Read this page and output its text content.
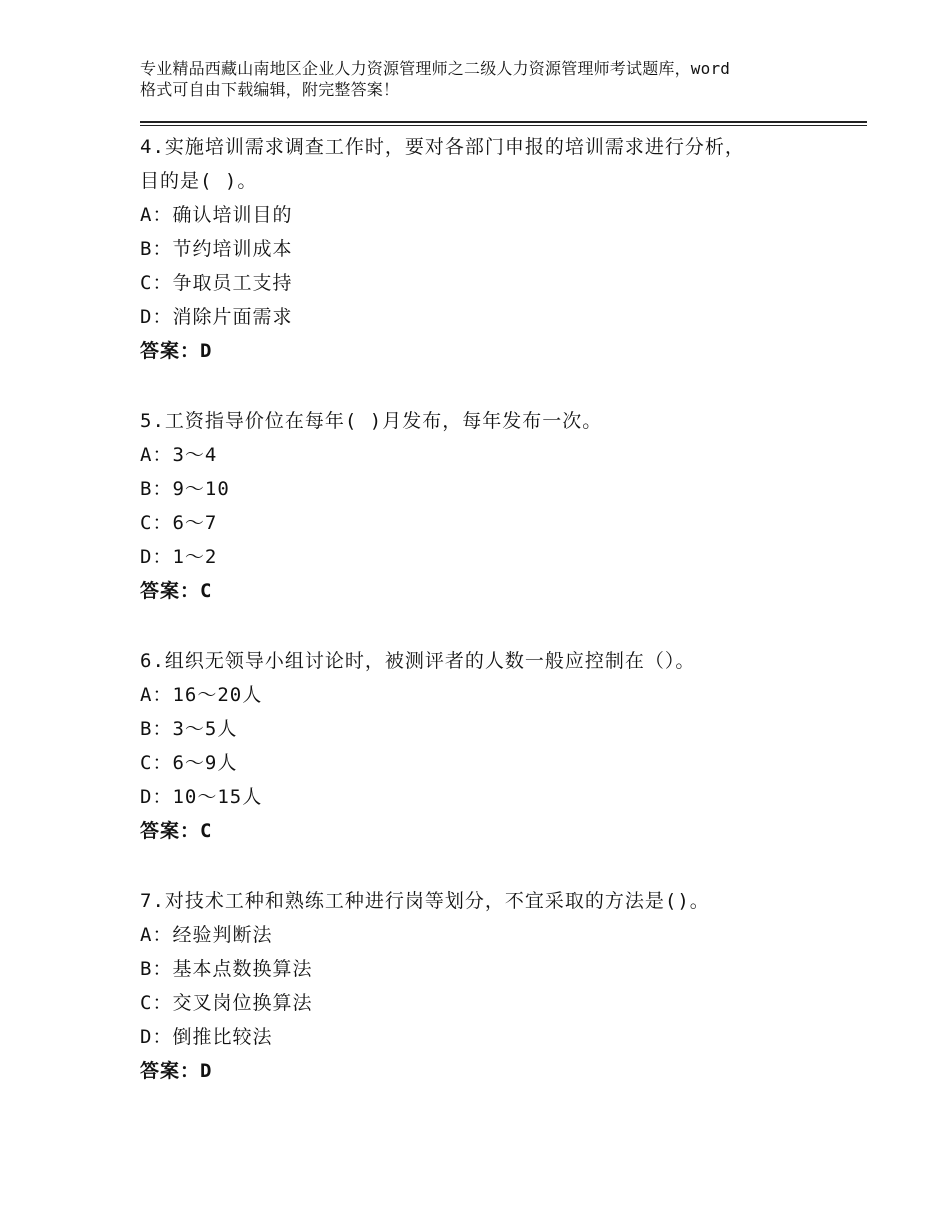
专业精品西藏山南地区企业人力资源管理师之二级人力资源管理师考试题库，word
格式可自由下载编辑，附完整答案！
4.实施培训需求调查工作时，要对各部门申报的培训需求进行分析，
目的是( )。
A：确认培训目的
B：节约培训成本
C：争取员工支持
D：消除片面需求
答案：D
5.工资指导价位在每年( )月发布，每年发布一次。
A：3～4
B：9～10
C：6～7
D：1～2
答案：C
6.组织无领导小组讨论时，被测评者的人数一般应控制在（）。
A：16～20人
B：3～5人
C：6～9人
D：10～15人
答案：C
7.对技术工种和熟练工种进行岗等划分，不宜采取的方法是()。
A：经验判断法
B：基本点数换算法
C：交叉岗位换算法
D：倒推比较法
答案：D
